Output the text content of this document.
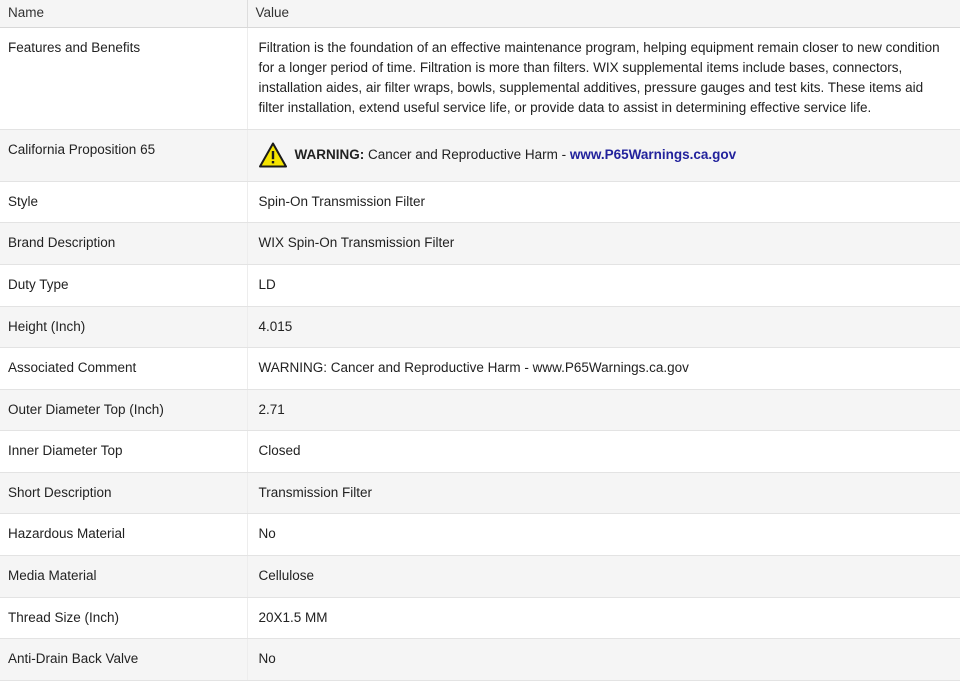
Name	Value
Features and Benefits	Filtration is the foundation of an effective maintenance program, helping equipment remain closer to new condition for a longer period of time. Filtration is more than filters. WIX supplemental items include bases, connectors, installation aides, air filter wraps, bowls, supplemental additives, pressure gauges and test kits. These items aid filter installation, extend useful service life, or provide data to assist in determining effective service life.
California Proposition 65	WARNING: Cancer and Reproductive Harm - www.P65Warnings.ca.gov

Style	Spin-On Transmission Filter
Brand Description	WIX Spin-On Transmission Filter
Duty Type	LD
Height (Inch)	4.015
Associated Comment	WARNING: Cancer and Reproductive Harm - www.P65Warnings.ca.gov
Outer Diameter Top (Inch)	2.71
Inner Diameter Top	Closed
Short Description	Transmission Filter
Hazardous Material	No
Media Material	Cellulose
Thread Size (Inch)	20X1.5 MM
Anti-Drain Back Valve	No
